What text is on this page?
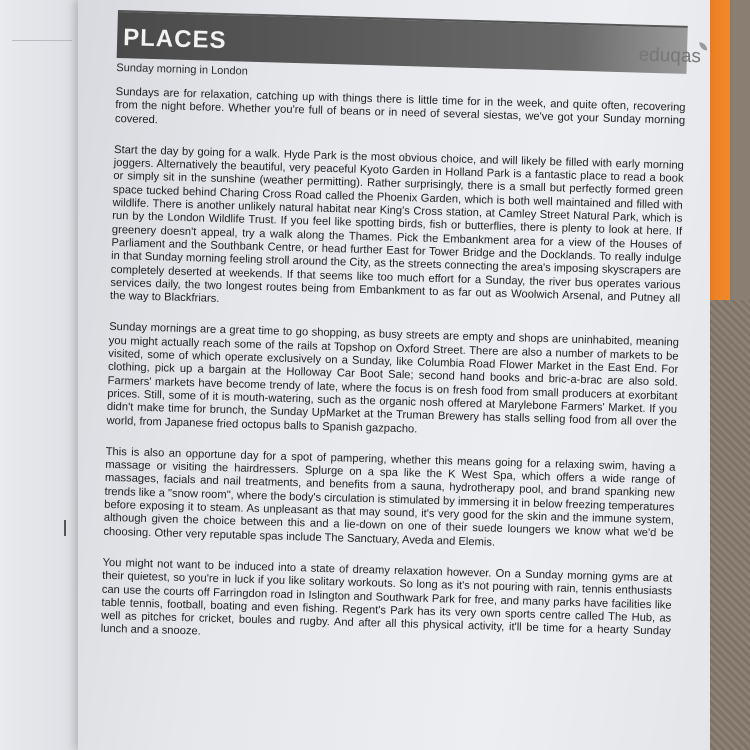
PLACES
eduqas
Sunday morning in London

Sundays are for relaxation, catching up with things there is little time for in the week, and quite often, recovering from the night before. Whether you're full of beans or in need of several siestas, we've got your Sunday morning covered.

Start the day by going for a walk. Hyde Park is the most obvious choice, and will likely be filled with early morning joggers. Alternatively the beautiful, very peaceful Kyoto Garden in Holland Park is a fantastic place to read a book or simply sit in the sunshine (weather permitting). Rather surprisingly, there is a small but perfectly formed green space tucked behind Charing Cross Road called the Phoenix Garden, which is both well maintained and filled with wildlife. There is another unlikely natural habitat near King's Cross station, at Camley Street Natural Park, which is run by the London Wildlife Trust. If you feel like spotting birds, fish or butterflies, there is plenty to look at here. If greenery doesn't appeal, try a walk along the Thames. Pick the Embankment area for a view of the Houses of Parliament and the Southbank Centre, or head further East for Tower Bridge and the Docklands. To really indulge in that Sunday morning feeling stroll around the City, as the streets connecting the area's imposing skyscrapers are completely deserted at weekends. If that seems like too much effort for a Sunday, the river bus operates various services daily, the two longest routes being from Embankment to as far out as Woolwich Arsenal, and Putney all the way to Blackfriars.

Sunday mornings are a great time to go shopping, as busy streets are empty and shops are uninhabited, meaning you might actually reach some of the rails at Topshop on Oxford Street. There are also a number of markets to be visited, some of which operate exclusively on a Sunday, like Columbia Road Flower Market in the East End. For clothing, pick up a bargain at the Holloway Car Boot Sale; second hand books and bric-a-brac are also sold. Farmers' markets have become trendy of late, where the focus is on fresh food from small producers at exorbitant prices. Still, some of it is mouth-watering, such as the organic nosh offered at Marylebone Farmers' Market. If you didn't make time for brunch, the Sunday UpMarket at the Truman Brewery has stalls selling food from all over the world, from Japanese fried octopus balls to Spanish gazpacho.

This is also an opportune day for a spot of pampering, whether this means going for a relaxing swim, having a massage or visiting the hairdressers. Splurge on a spa like the K West Spa, which offers a wide range of massages, facials and nail treatments, and benefits from a sauna, hydrotherapy pool, and brand spanking new trends like a "snow room", where the body's circulation is stimulated by immersing it in below freezing temperatures before exposing it to steam. As unpleasant as that may sound, it's very good for the skin and the immune system, although given the choice between this and a lie-down on one of their suede loungers we know what we'd be choosing. Other very reputable spas include The Sanctuary, Aveda and Elemis.

You might not want to be induced into a state of dreamy relaxation however. On a Sunday morning gyms are at their quietest, so you're in luck if you like solitary workouts. So long as it's not pouring with rain, tennis enthusiasts can use the courts off Farringdon road in Islington and Southwark Park for free, and many parks have facilities like table tennis, football, boating and even fishing. Regent's Park has its very own sports centre called The Hub, as well as pitches for cricket, boules and rugby. And after all this physical activity, it'll be time for a hearty Sunday lunch and a snooze.
